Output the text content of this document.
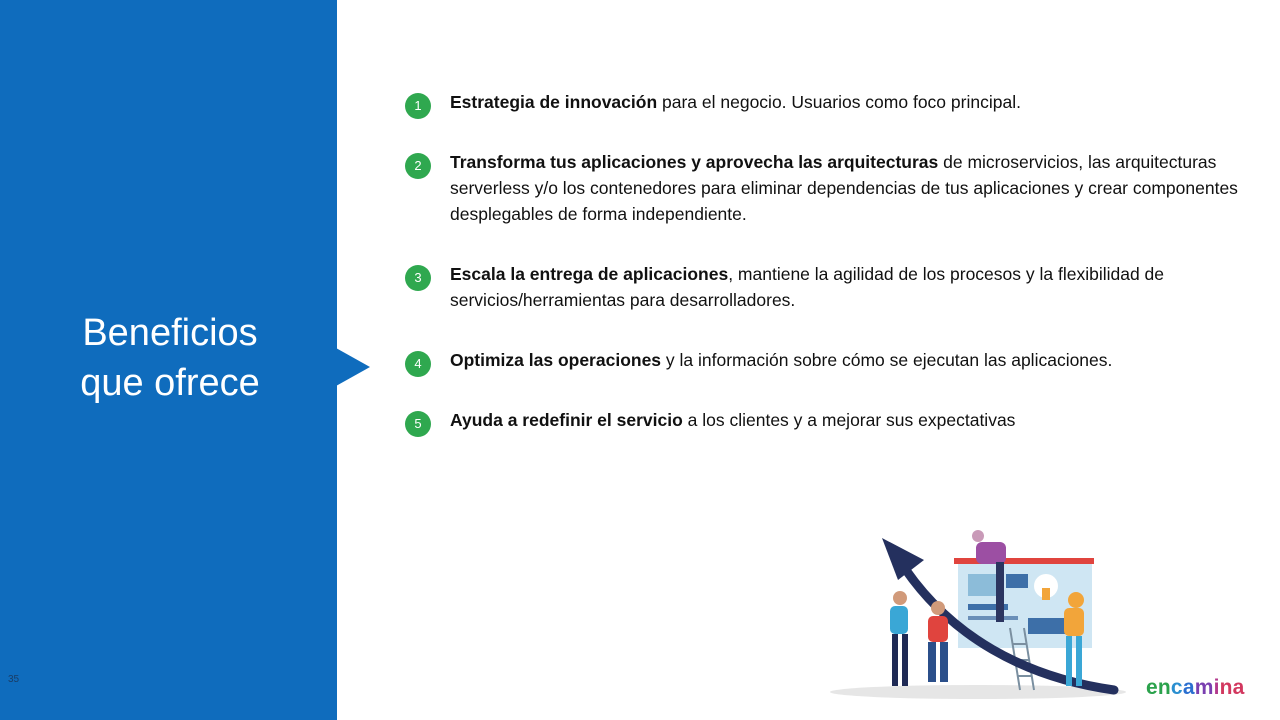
Beneficios
que ofrece
35
1	Estrategia de innovación para el negocio. Usuarios como foco principal.

2	Transforma tus aplicaciones y aprovecha las arquitecturas de microservicios, las arquitecturas serverless y/o los contenedores para eliminar dependencias de tus aplicaciones y crear componentes desplegables de forma independiente.

3	Escala la entrega de aplicaciones, mantiene la agilidad de los procesos y la flexibilidad de servicios/herramientas para desarrolladores.

4	Optimiza las operaciones y la información sobre cómo se ejecutan las aplicaciones.

5	Ayuda a redefinir el servicio a los clientes y a mejorar sus expectativas

encamina
